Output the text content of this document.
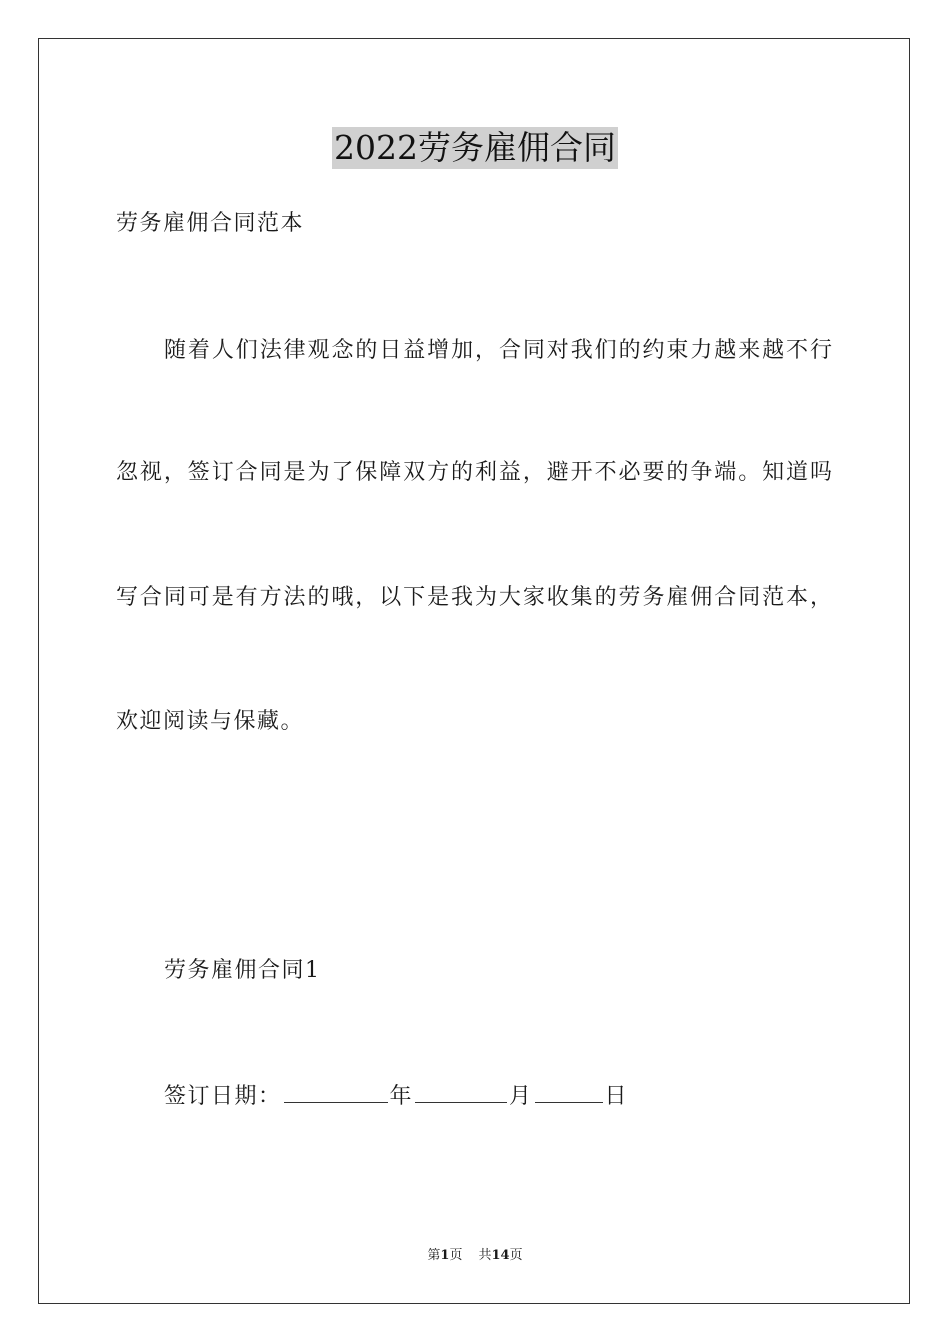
2022劳务雇佣合同
劳务雇佣合同范本
随着人们法律观念的日益增加，合同对我们的约束力越来越不行
忽视，签订合同是为了保障双方的利益，避开不必要的争端。知道吗
写合同可是有方法的哦，以下是我为大家收集的劳务雇佣合同范本，
欢迎阅读与保藏。
劳务雇佣合同1
签订日期：	年	月	日
第1页 共14页
